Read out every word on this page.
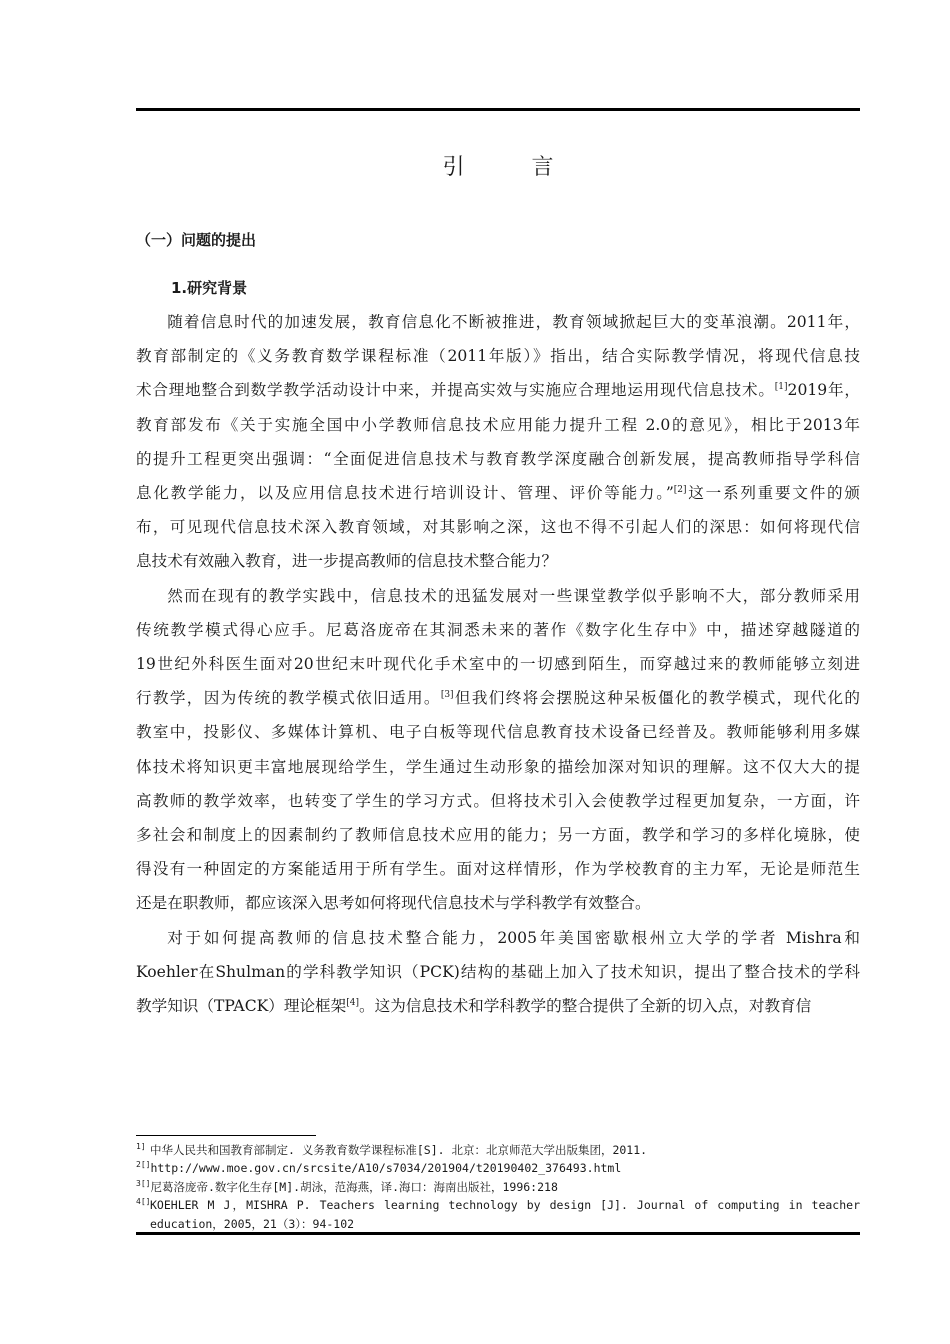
引 言
（一）问题的提出
1.研究背景

随着信息时代的加速发展，教育信息化不断被推进，教育领域掀起巨大的变革浪潮。2011年，
教育部制定的《义务教育数学课程标准（2011年版）》指出，结合实际教学情况，将现代信息技
术合理地整合到数学教学活动设计中来，并提高实效与实施应合理地运用现代信息技术。[1]2019年，
教育部发布《关于实施全国中小学教师信息技术应用能力提升工程 2.0的意见》，相比于2013年
的提升工程更突出强调：“全面促进信息技术与教育教学深度融合创新发展，提高教师指导学科信
息化教学能力，以及应用信息技术进行培训设计、管理、评价等能力。”[2]这一系列重要文件的颁
布，可见现代信息技术深入教育领域，对其影响之深，这也不得不引起人们的深思：如何将现代信
息技术有效融入教育，进一步提高教师的信息技术整合能力？

然而在现有的教学实践中，信息技术的迅猛发展对一些课堂教学似乎影响不大，部分教师采用
传统教学模式得心应手。尼葛洛庞帝在其洞悉未来的著作《数字化生存中》中，描述穿越隧道的
19世纪外科医生面对20世纪末叶现代化手术室中的一切感到陌生，而穿越过来的教师能够立刻进
行教学，因为传统的教学模式依旧适用。[3]但我们终将会摆脱这种呆板僵化的教学模式，现代化的
教室中，投影仪、多媒体计算机、电子白板等现代信息教育技术设备已经普及。教师能够利用多媒
体技术将知识更丰富地展现给学生，学生通过生动形象的描绘加深对知识的理解。这不仅大大的提
高教师的教学效率，也转变了学生的学习方式。但将技术引入会使教学过程更加复杂，一方面，许
多社会和制度上的因素制约了教师信息技术应用的能力；另一方面，教学和学习的多样化境脉，使
得没有一种固定的方案能适用于所有学生。面对这样情形，作为学校教育的主力军，无论是师范生
还是在职教师，都应该深入思考如何将现代信息技术与学科教学有效整合。

对于如何提高教师的信息技术整合能力，2005年美国密歇根州立大学的学者 Mishra和
Koehler在Shulman的学科教学知识（PCK)结构的基础上加入了技术知识，提出了整合技术的学科
教学知识（TPACK）理论框架[4]。这为信息技术和学科教学的整合提供了全新的切入点，对教育信

1] 中华人民共和国教育部制定. 义务教育数学课程标准[S]. 北京：北京师范大学出版集团，2011.
2[] http://www.moe.gov.cn/srcsite/A10/s7034/201904/t20190402_376493.html
3[] 尼葛洛庞帝.数字化生存[M].胡泳，范海燕，译.海口：海南出版社，1996:218
4[] KOEHLER M J，MISHRA P. Teachers learning technology by design [J]. Journal of computing in teacher education，2005，21（3）：94-102
